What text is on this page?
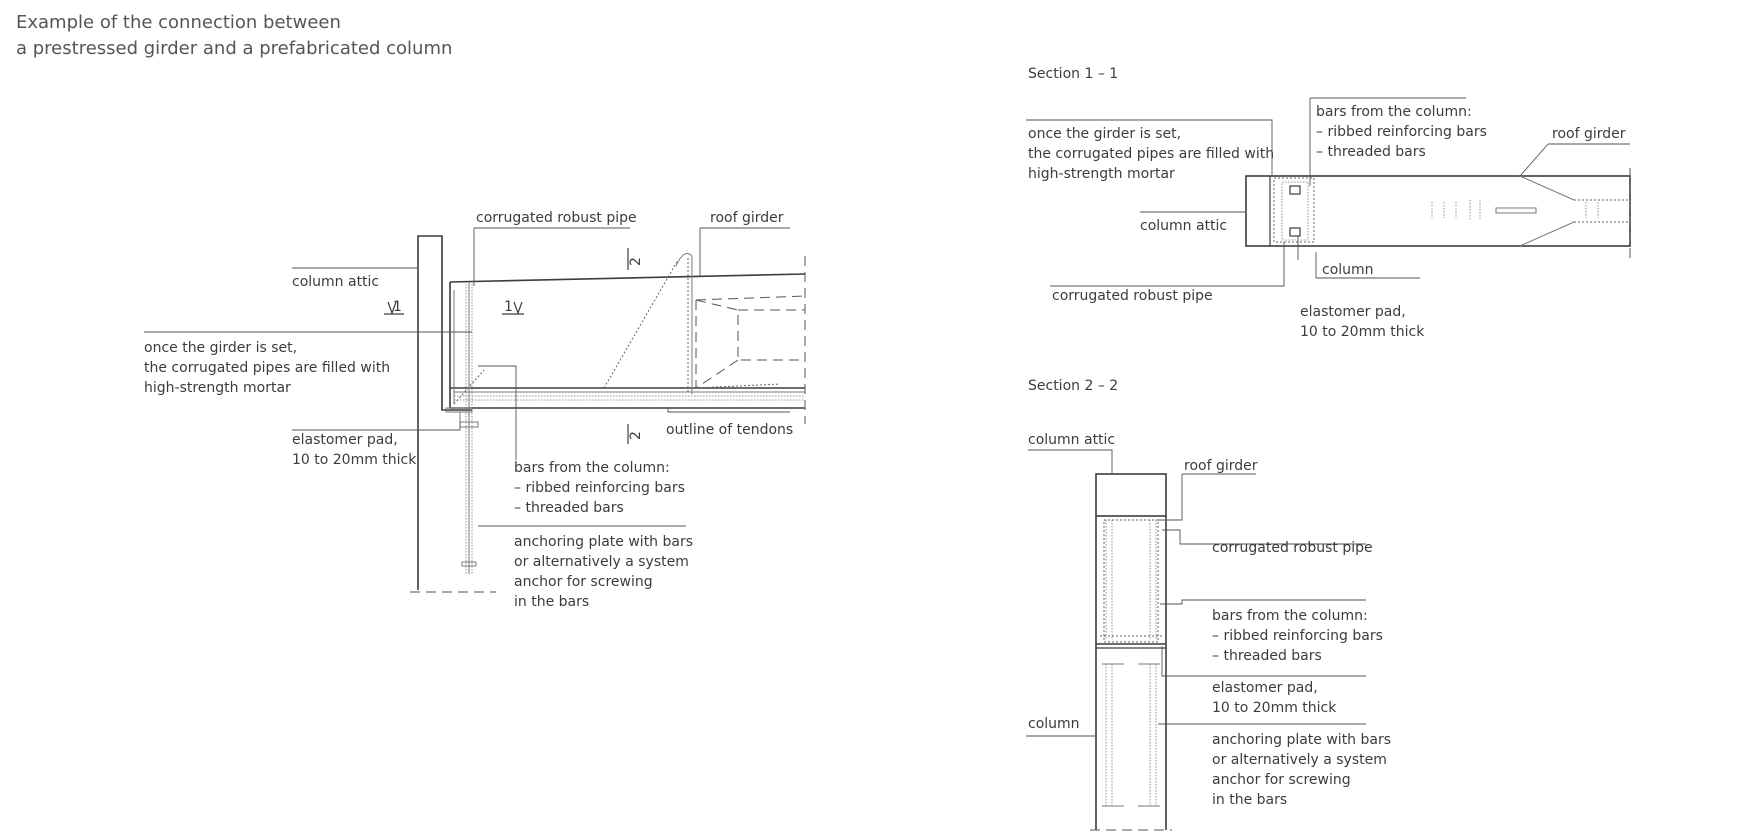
Example of the connection between
a prestressed girder and a prefabricated column
1	1
2
2
corrugated robust pipe	roof girder
column attic
once the girder is set,
the corrugated pipes are filled with
high-strength mortar
elastomer pad,
10 to 20mm thick
outline of tendons
bars from the column:
– ribbed reinforcing bars
– threaded bars
anchoring plate with bars
or alternatively a system
anchor for screwing
in the bars
Section 1 – 1
once the girder is set,
the corrugated pipes are filled with
high-strength mortar
bars from the column:
– ribbed reinforcing bars
– threaded bars
roof girder
column attic
column
corrugated robust pipe
elastomer pad,
10 to 20mm thick
Section 2 – 2
column attic
roof girder
corrugated robust pipe
bars from the column:
– ribbed reinforcing bars
– threaded bars
elastomer pad,
10 to 20mm thick
column
anchoring plate with bars
or alternatively a system
anchor for screwing
in the bars
